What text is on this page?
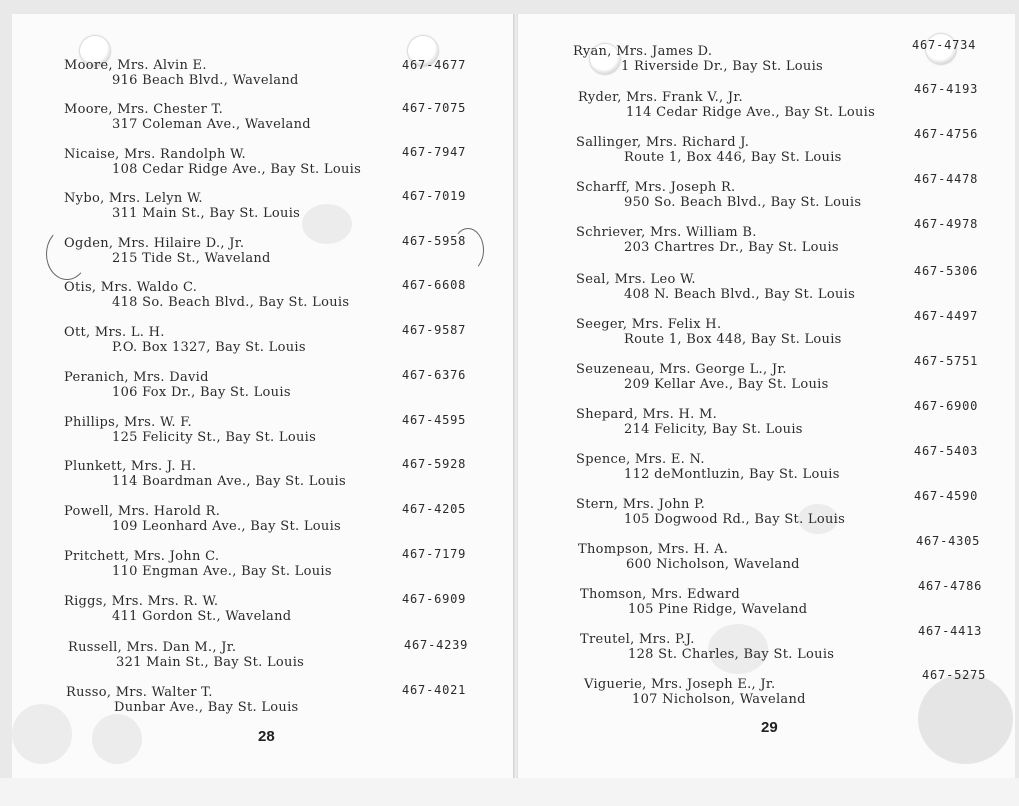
Moore, Mrs. Alvin E.
916 Beach Blvd., Waveland
467-4677
Moore, Mrs. Chester T.
317 Coleman Ave., Waveland
467-7075
Nicaise, Mrs. Randolph W.
108 Cedar Ridge Ave., Bay St. Louis
467-7947
Nybo, Mrs. Lelyn W.
311 Main St., Bay St. Louis
467-7019
Ogden, Mrs. Hilaire D., Jr.
215 Tide St., Waveland
467-5958
Otis, Mrs. Waldo C.
418 So. Beach Blvd., Bay St. Louis
467-6608
Ott, Mrs. L. H.
P.O. Box 1327, Bay St. Louis
467-9587
Peranich, Mrs. David
106 Fox Dr., Bay St. Louis
467-6376
Phillips, Mrs. W. F.
125 Felicity St., Bay St. Louis
467-4595
Plunkett, Mrs. J. H.
114 Boardman Ave., Bay St. Louis
467-5928
Powell, Mrs. Harold R.
109 Leonhard Ave., Bay St. Louis
467-4205
Pritchett, Mrs. John C.
110 Engman Ave., Bay St. Louis
467-7179
Riggs, Mrs. Mrs. R. W.
411 Gordon St., Waveland
467-6909
Russell, Mrs. Dan M., Jr.
321 Main St., Bay St. Louis
467-4239
Russo, Mrs. Walter T.
Dunbar Ave., Bay St. Louis
467-4021
28
Ryan, Mrs. James D.
1 Riverside Dr., Bay St. Louis
467-4734
Ryder, Mrs. Frank V., Jr.
114 Cedar Ridge Ave., Bay St. Louis
467-4193
Sallinger, Mrs. Richard J.
Route 1, Box 446, Bay St. Louis
467-4756
Scharff, Mrs. Joseph R.
950 So. Beach Blvd., Bay St. Louis
467-4478
Schriever, Mrs. William B.
203 Chartres Dr., Bay St. Louis
467-4978
Seal, Mrs. Leo W.
408 N. Beach Blvd., Bay St. Louis
467-5306
Seeger, Mrs. Felix H.
Route 1, Box 448, Bay St. Louis
467-4497
Seuzeneau, Mrs. George L., Jr.
209 Kellar Ave., Bay St. Louis
467-5751
Shepard, Mrs. H. M.
214 Felicity, Bay St. Louis
467-6900
Spence, Mrs. E. N.
112 deMontluzin, Bay St. Louis
467-5403
Stern, Mrs. John P.
105 Dogwood Rd., Bay St. Louis
467-4590
Thompson, Mrs. H. A.
600 Nicholson, Waveland
467-4305
Thomson, Mrs. Edward
105 Pine Ridge, Waveland
467-4786
Treutel, Mrs. P.J.
128 St. Charles, Bay St. Louis
467-4413
Viguerie, Mrs. Joseph E., Jr.
107 Nicholson, Waveland
467-5275
29
